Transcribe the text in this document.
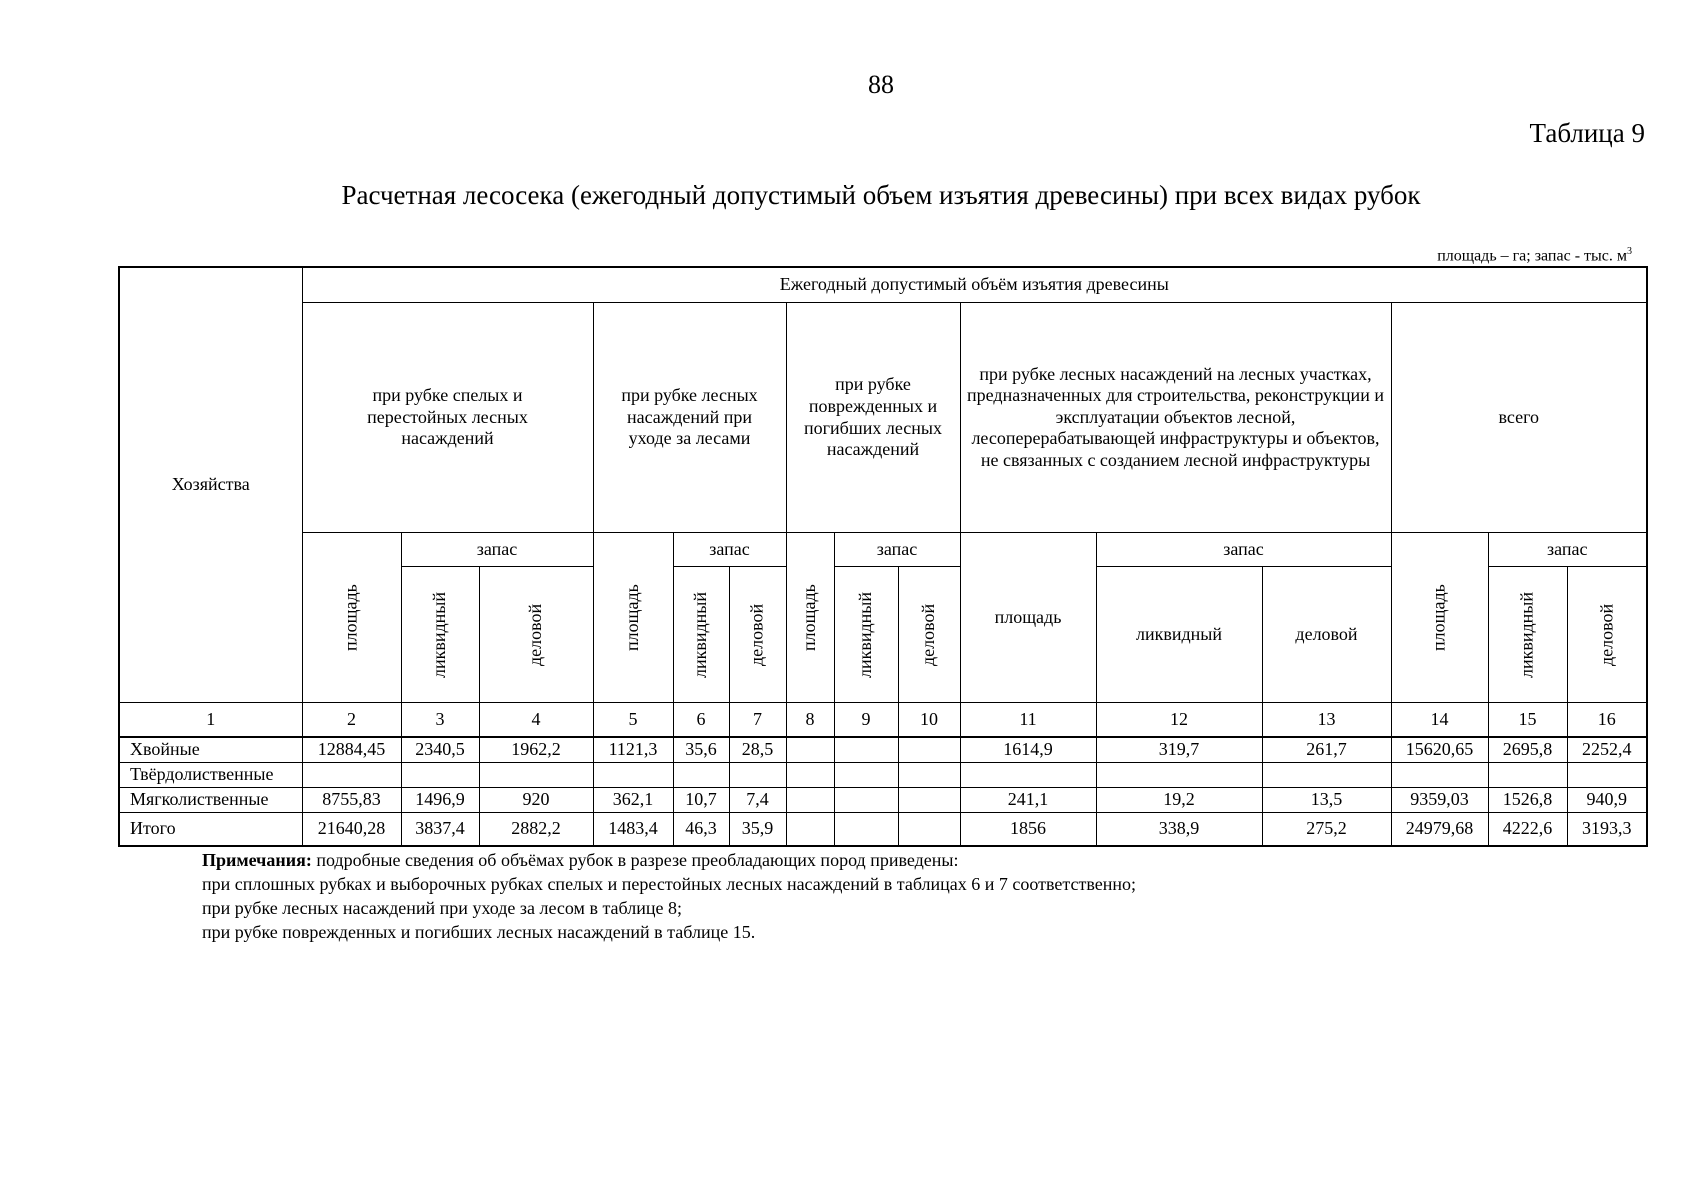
88
Таблица 9
Расчетная лесосека (ежегодный допустимый объем изъятия древесины) при всех видах рубок
площадь – га; запас - тыс. $м^3$
Хозяйства	Ежегодный допустимый объём изъятия древесины														

	при рубке спелых и перестойных лесных насаждений			при рубке лесных насаждений при уходе за лесами			при рубке поврежденных и погибших лесных насаждений			при рубке лесных насаждений на лесных участках, предназначенных для строительства, реконструкции и эксплуатации объектов лесной, лесоперерабатывающей инфраструктуры и объектов, не связанных с созданием лесной инфраструктуры			всего		
	площадь	запас		площадь	запас		площадь	запас		площадь	запас		площадь	запас	
		ликвидный	деловой		ликвидный	деловой		ликвидный	деловой		ликвидный	деловой		ликвидный	деловой
1	2	3	4	5	6	7	8	9	10	11	12	13	14	15	16
Хвойные	12884,45	2340,5	1962,2	1121,3	35,6	28,5				1614,9	319,7	261,7	15620,65	2695,8	2252,4
Твёрдолиственные															
Мягколиственные	8755,83	1496,9	920	362,1	10,7	7,4				241,1	19,2	13,5	9359,03	1526,8	940,9
Итого	21640,28	3837,4	2882,2	1483,4	46,3	35,9				1856	338,9	275,2	24979,68	4222,6	3193,3
Примечания: подробные сведения об объёмах рубок в разрезе преобладающих пород приведены:
при сплошных рубках и выборочных рубках спелых и перестойных лесных насаждений в таблицах 6 и 7 соответственно;
при рубке лесных насаждений при уходе за лесом в таблице 8;
при рубке поврежденных и погибших лесных насаждений в таблице 15.
